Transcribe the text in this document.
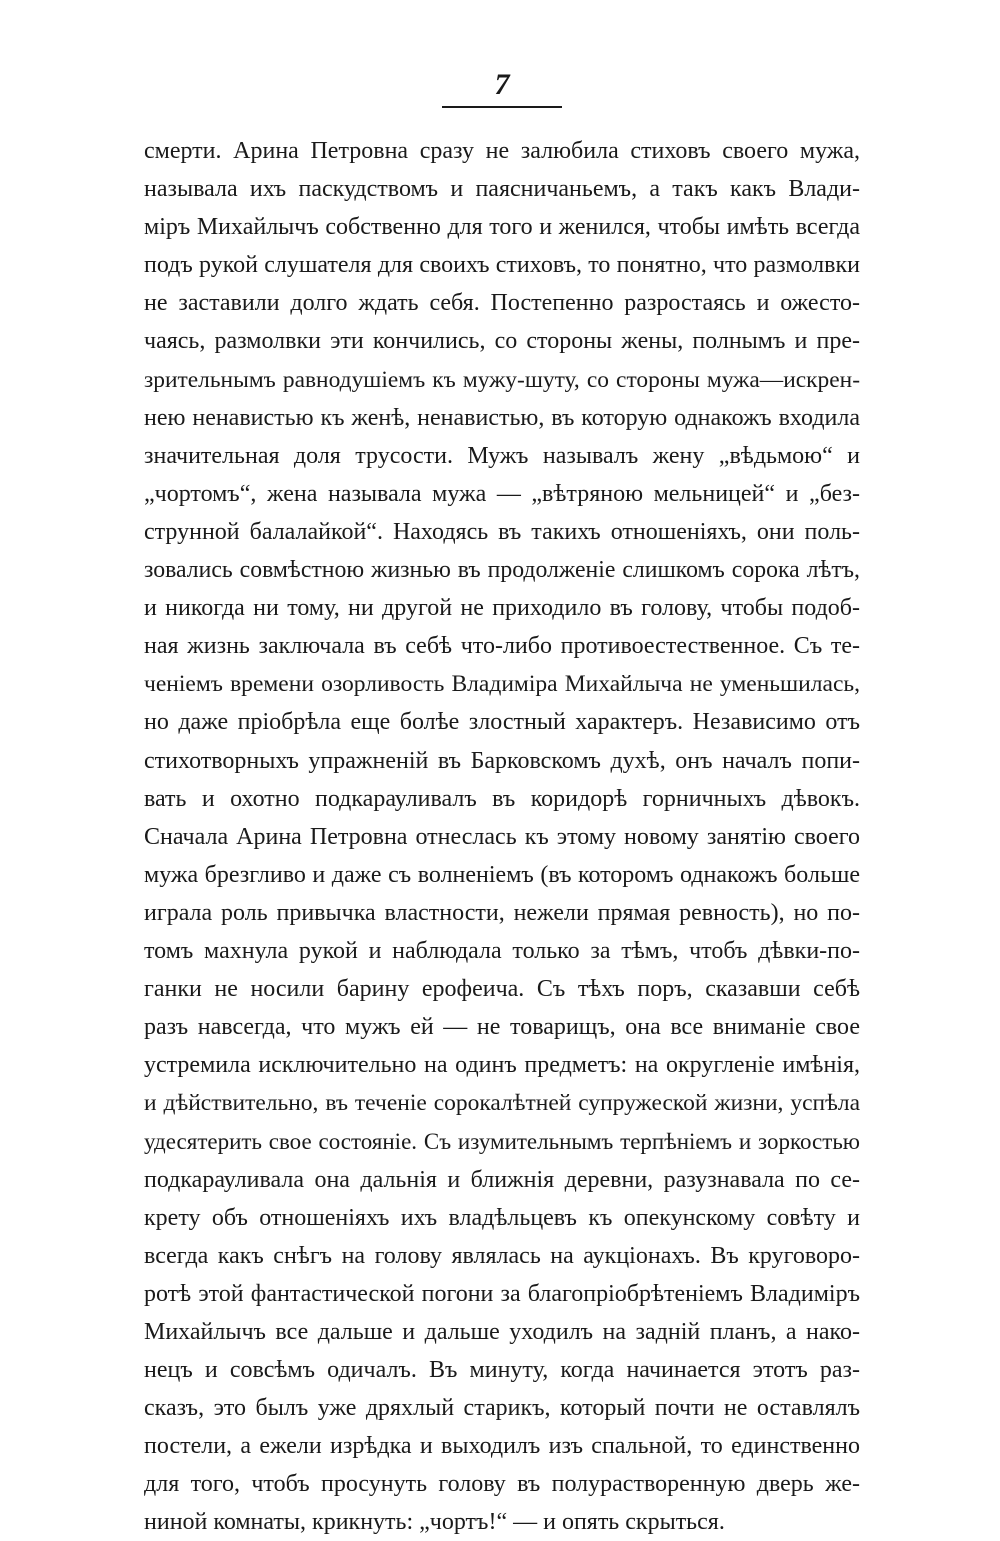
7
смерти. Арина Петровна сразу не залюбила стиховъ своего мужа,
называла ихъ паскудствомъ и паясничаньемъ, а такъ какъ Влади-
міръ Михайлычъ собственно для того и женился, чтобы имѣть всегда
подъ рукой слушателя для своихъ стиховъ, то понятно, что размолвки
не заставили долго ждать себя. Постепенно разростаясь и ожесто-
чаясь, размолвки эти кончились, со стороны жены, полнымъ и пре-
зрительнымъ равнодушіемъ къ мужу-шуту, со стороны мужа—искрен-
нею ненавистью къ женѣ, ненавистью, въ которую однакожъ входила
значительная доля трусости. Мужъ называлъ жену „вѣдьмою“ и
„чортомъ“, жена называла мужа — „вѣтряною мельницей“ и „без-
струнной балалайкой“. Находясь въ такихъ отношеніяхъ, они поль-
зовались совмѣстною жизнью въ продолженіе слишкомъ сорока лѣтъ,
и никогда ни тому, ни другой не приходило въ голову, чтобы подоб-
ная жизнь заключала въ себѣ что-либо противоестественное. Съ те-
ченіемъ времени озорливость Владиміра Михайлыча не уменьшилась,
но даже пріобрѣла еще болѣе злостный характеръ. Независимо отъ
стихотворныхъ упражненій въ Барковскомъ духѣ, онъ началъ попи-
вать и охотно подкарауливалъ въ коридорѣ горничныхъ дѣвокъ.
Сначала Арина Петровна отнеслась къ этому новому занятію своего
мужа брезгливо и даже съ волненіемъ (въ которомъ однакожъ больше
играла роль привычка властности, нежели прямая ревность), но по-
томъ махнула рукой и наблюдала только за тѣмъ, чтобъ дѣвки-по-
ганки не носили барину ерофеича. Съ тѣхъ поръ, сказавши себѣ
разъ навсегда, что мужъ ей — не товарищъ, она все вниманіе свое
устремила исключительно на одинъ предметъ: на округленіе имѣнія,
и дѣйствительно, въ теченіе сорокалѣтней супружеской жизни, успѣла
удесятерить свое состояніе. Съ изумительнымъ терпѣніемъ и зоркостью
подкарауливала она дальнія и ближнія деревни, разузнавала по се-
крету объ отношеніяхъ ихъ владѣльцевъ къ опекунскому совѣту и
всегда какъ снѣгъ на голову являлась на аукціонахъ. Въ круговоро-
ротѣ этой фантастической погони за благопріобрѣтеніемъ Владиміръ
Михайлычъ все дальше и дальше уходилъ на задній планъ, а нако-
нецъ и совсѣмъ одичалъ. Въ минуту, когда начинается этотъ раз-
сказъ, это былъ уже дряхлый старикъ, который почти не оставлялъ
постели, а ежели изрѣдка и выходилъ изъ спальной, то единственно
для того, чтобъ просунуть голову въ полурастворенную дверь же-
ниной комнаты, крикнуть: „чортъ!“ — и опять скрыться.
